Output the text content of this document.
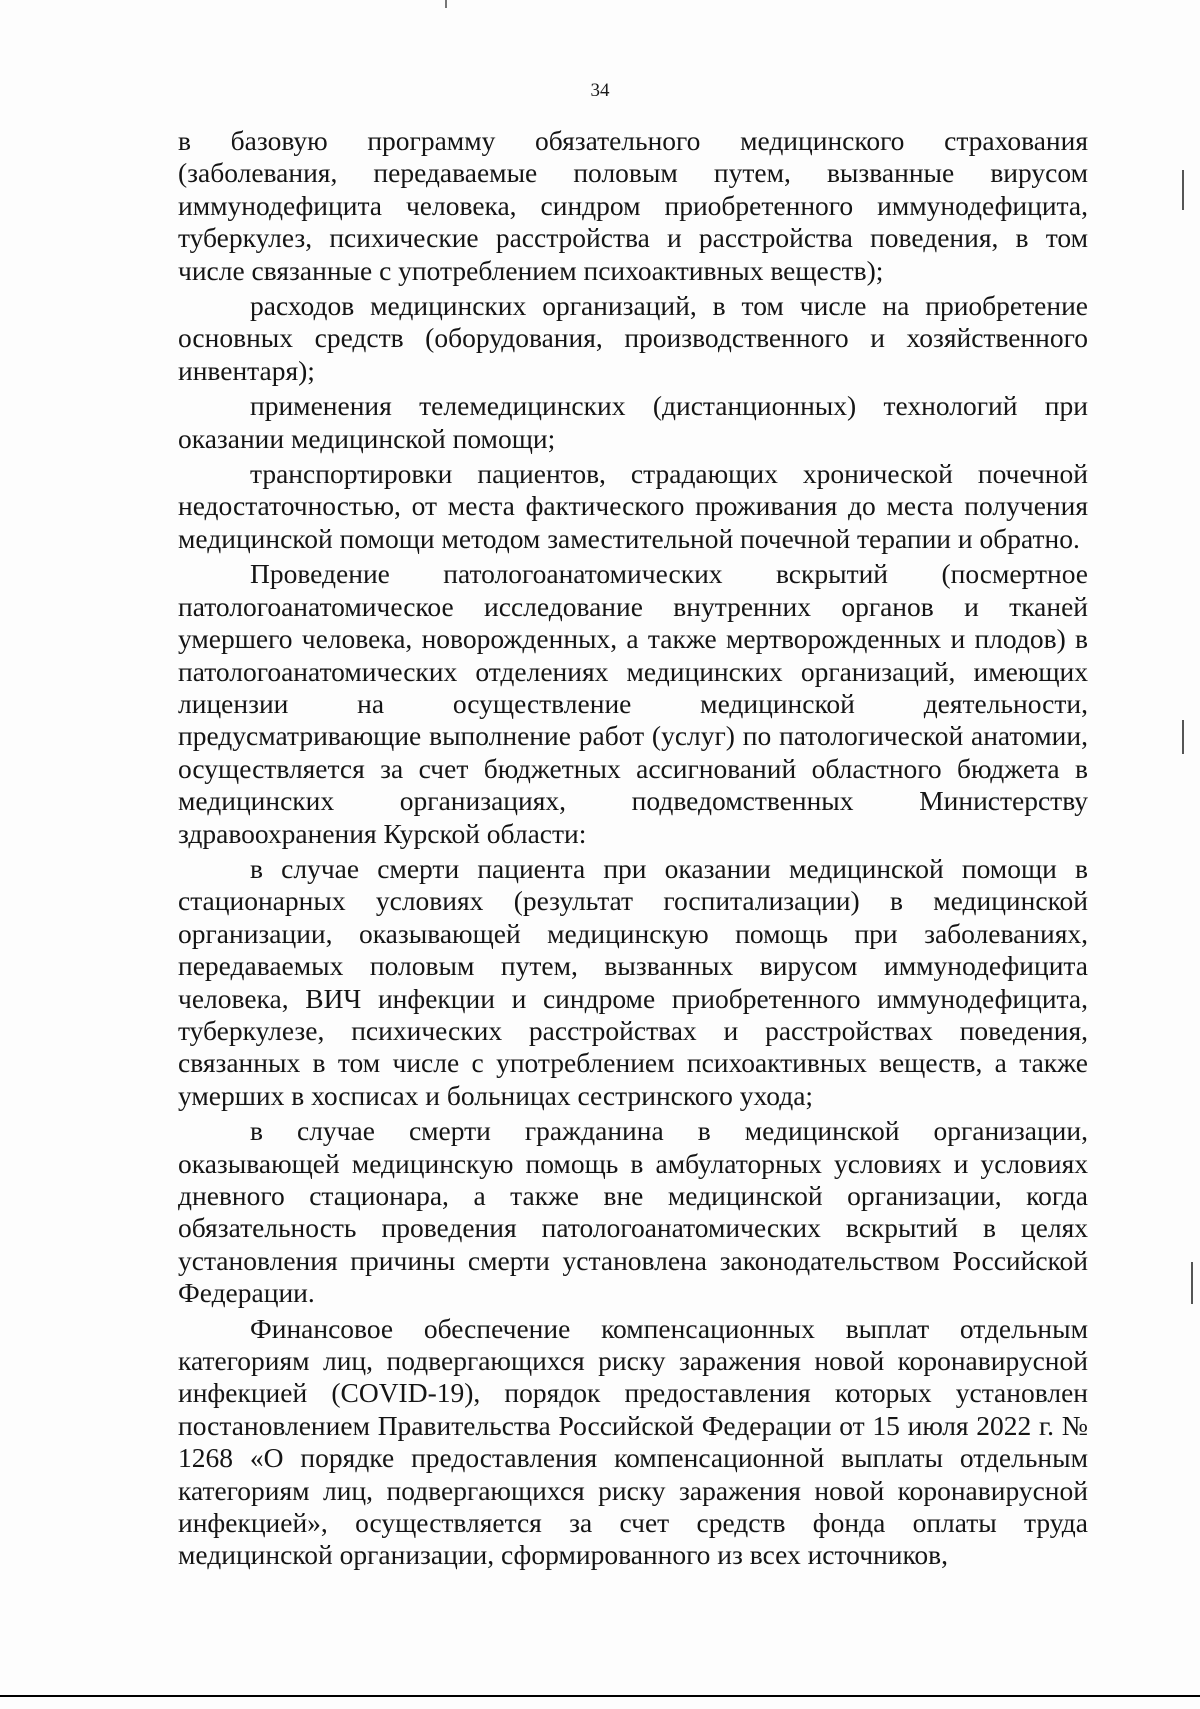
34

в базовую программу обязательного медицинского страхования (заболевания, передаваемые половым путем, вызванные вирусом иммунодефицита человека, синдром приобретенного иммунодефицита, туберкулез, психические расстройства и расстройства поведения, в том числе связанные с употреблением психоактивных веществ);

расходов медицинских организаций, в том числе на приобретение основных средств (оборудования, производственного и хозяйственного инвентаря);

применения телемедицинских (дистанционных) технологий при оказании медицинской помощи;

транспортировки пациентов, страдающих хронической почечной недостаточностью, от места фактического проживания до места получения медицинской помощи методом заместительной почечной терапии и обратно.

Проведение патологоанатомических вскрытий (посмертное патологоанатомическое исследование внутренних органов и тканей умершего человека, новорожденных, а также мертворожденных и плодов) в патологоанатомических отделениях медицинских организаций, имеющих лицензии на осуществление медицинской деятельности, предусматривающие выполнение работ (услуг) по патологической анатомии, осуществляется за счет бюджетных ассигнований областного бюджета в медицинских организациях, подведомственных Министерству здравоохранения Курской области:

в случае смерти пациента при оказании медицинской помощи в стационарных условиях (результат госпитализации) в медицинской организации, оказывающей медицинскую помощь при заболеваниях, передаваемых половым путем, вызванных вирусом иммунодефицита человека, ВИЧ инфекции и синдроме приобретенного иммунодефицита, туберкулезе, психических расстройствах и расстройствах поведения, связанных в том числе с употреблением психоактивных веществ, а также умерших в хосписах и больницах сестринского ухода;

в случае смерти гражданина в медицинской организации, оказывающей медицинскую помощь в амбулаторных условиях и условиях дневного стационара, а также вне медицинской организации, когда обязательность проведения патологоанатомических вскрытий в целях установления причины смерти установлена законодательством Российской Федерации.

Финансовое обеспечение компенсационных выплат отдельным категориям лиц, подвергающихся риску заражения новой коронавирусной инфекцией (COVID-19), порядок предоставления которых установлен постановлением Правительства Российской Федерации от 15 июля 2022 г. № 1268 «О порядке предоставления компенсационной выплаты отдельным категориям лиц, подвергающихся риску заражения новой коронавирусной инфекцией», осуществляется за счет средств фонда оплаты труда медицинской организации, сформированного из всех источников,
